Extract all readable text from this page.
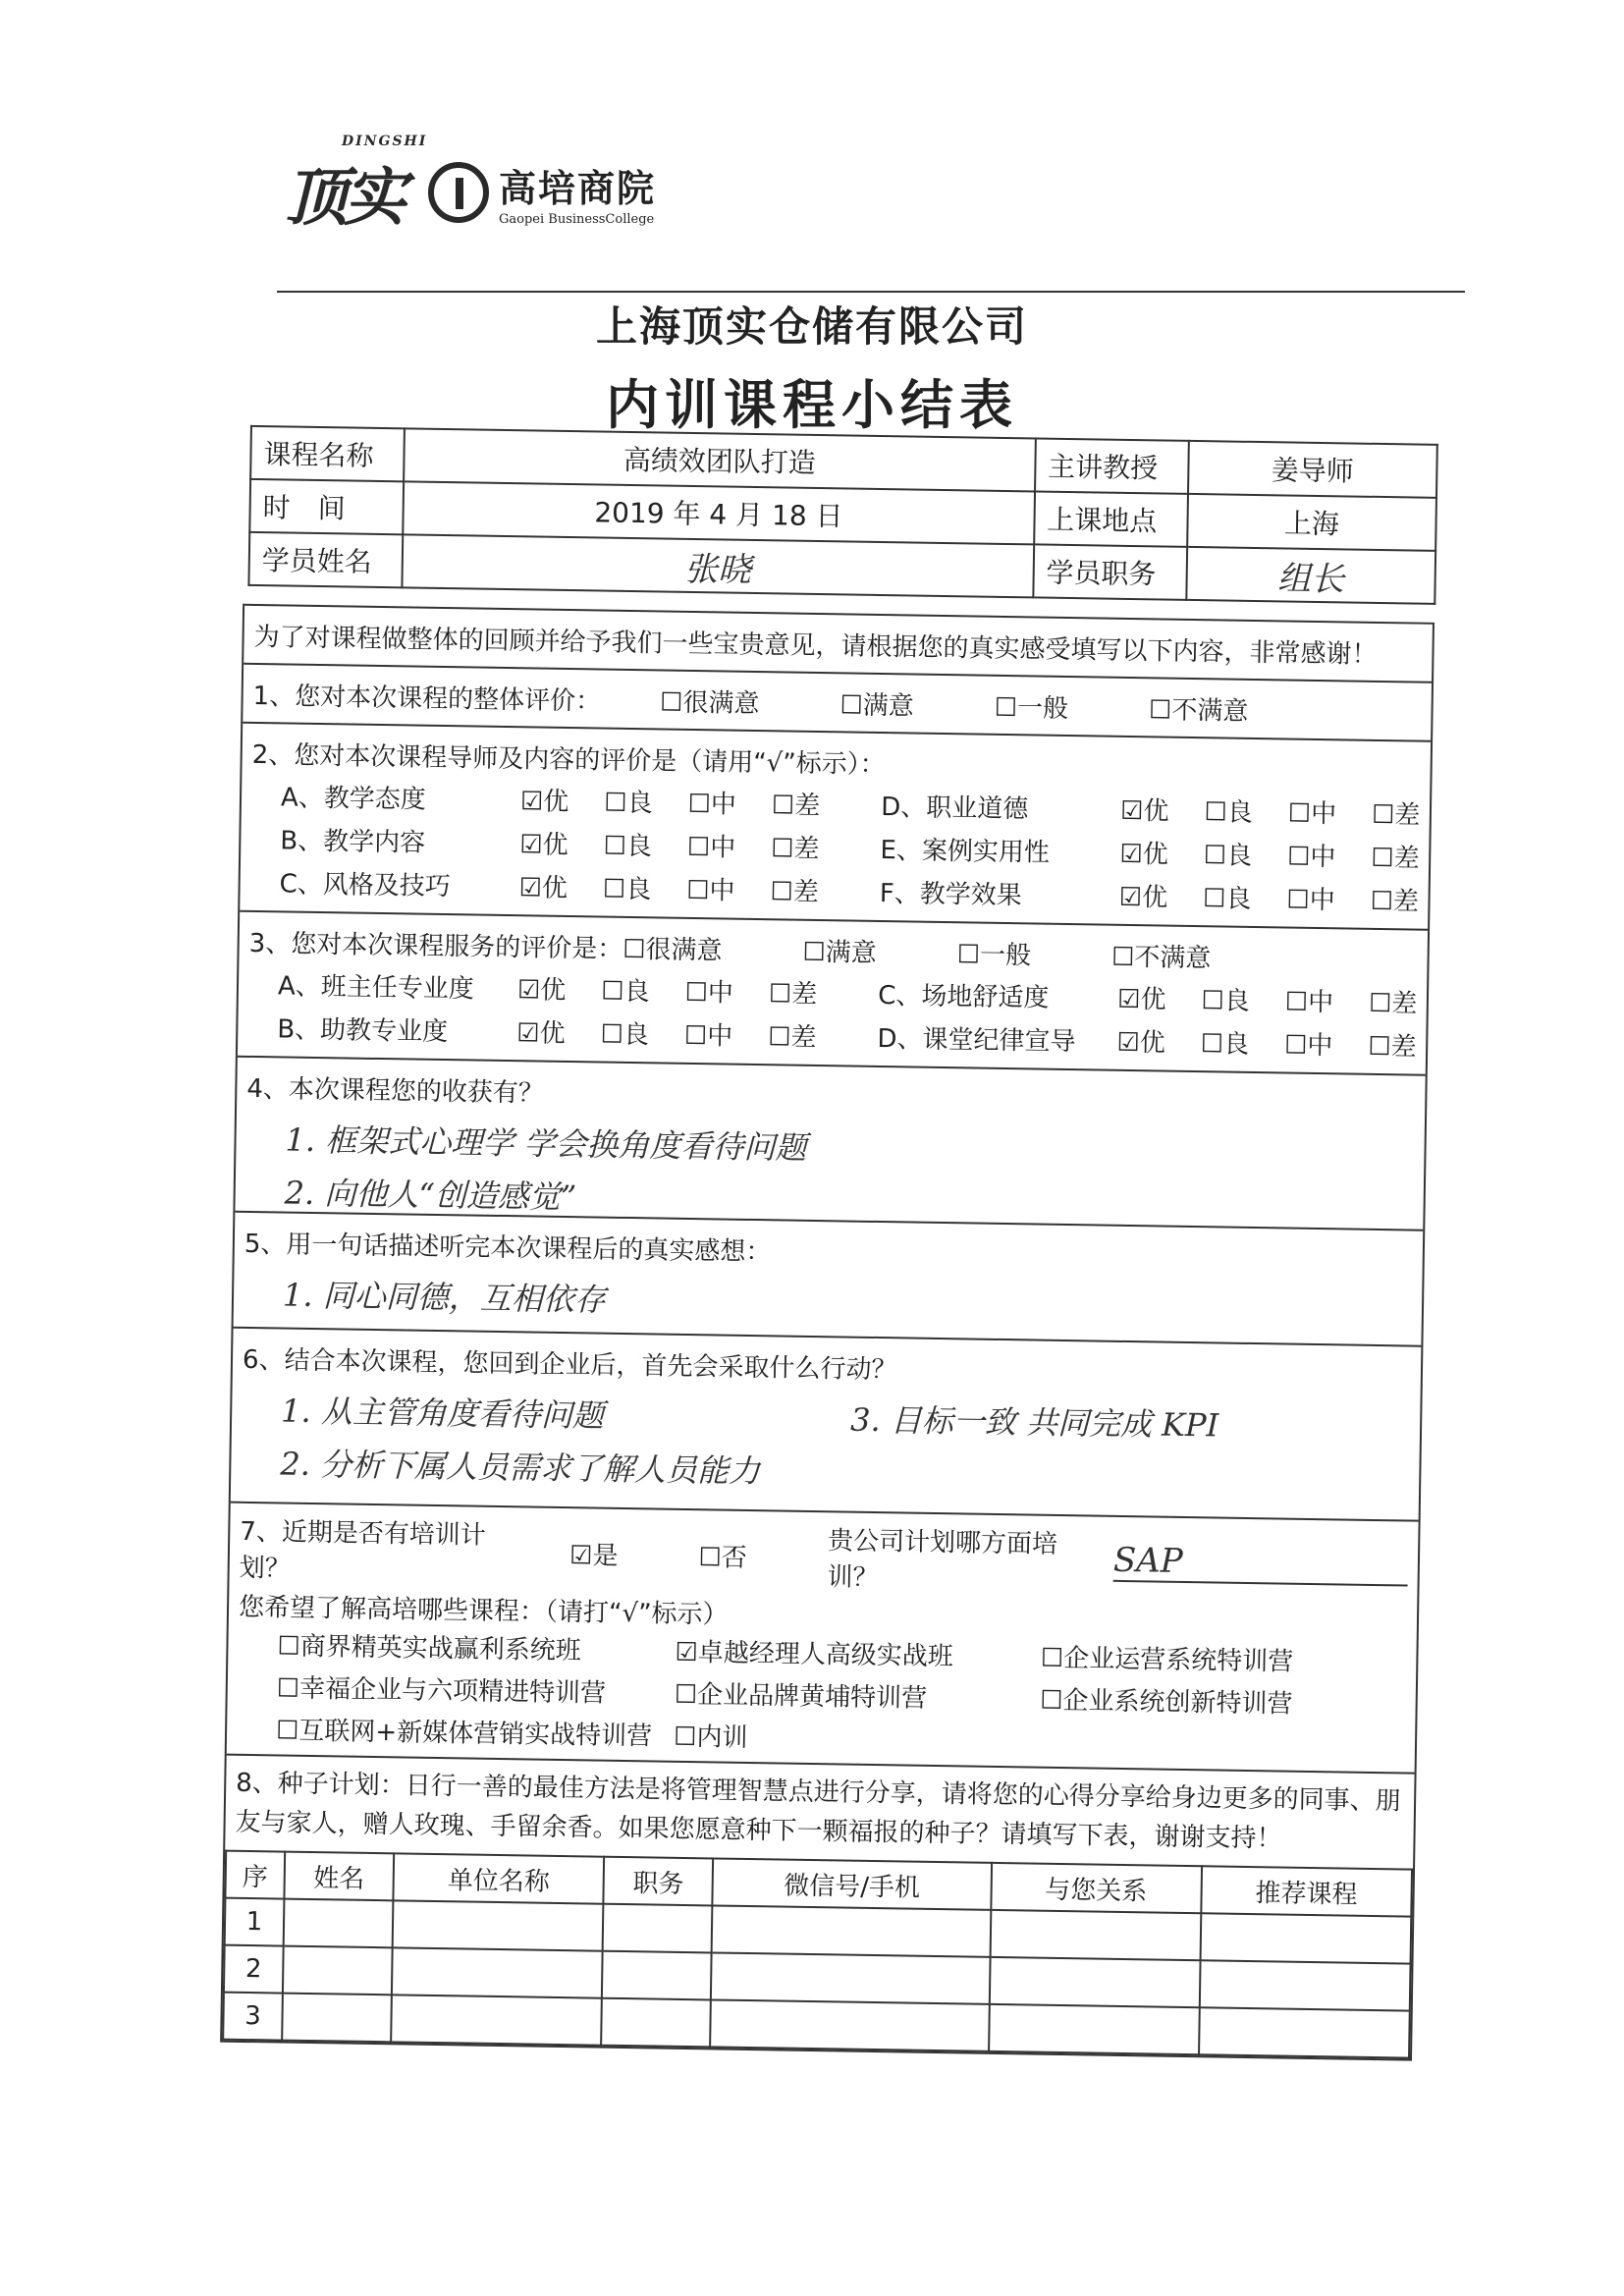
DINGSHI
顶实	高培商院
Gaopei BusinessCollege
上海顶实仓储有限公司
内训课程小结表
课程名称	高绩效团队打造	主讲教授	姜导师
时　间	2019 年 4 月 18 日	上课地点	上海
学员姓名	张晓	学员职务	组长
为了对课程做整体的回顾并给予我们一些宝贵意见，请根据您的真实感受填写以下内容，非常感谢！
1、您对本次课程的整体评价： ☐很满意	☐满意	☐一般	☐不满意
2、您对本次课程导师及内容的评价是（请用“√”标示）：
A、教学态度	☑优 ☐良 ☐中 ☐差 D、职业道德	☑优 ☐良 ☐中 ☐差
B、教学内容	☑优 ☐良 ☐中 ☐差 E、案例实用性	☑优 ☐良 ☐中 ☐差
C、风格及技巧	☑优 ☐良 ☐中 ☐差 F、教学效果	☑优 ☐良 ☐中 ☐差
3、您对本次课程服务的评价是： ☐很满意	☐满意	☐一般	☐不满意
A、班主任专业度	☑优 ☐良 ☐中 ☐差 C、场地舒适度	☑优 ☐良 ☐中 ☐差
B、助教专业度	☑优 ☐良 ☐中 ☐差 D、课堂纪律宣导	☑优 ☐良 ☐中 ☐差
4、本次课程您的收获有？
1. 框架式心理学 学会换角度看待问题
2. 向他人“创造感觉”
5、用一句话描述听完本次课程后的真实感想：
1. 同心同德，互相依存
6、结合本次课程，您回到企业后，首先会采取什么行动？
1. 从主管角度看待问题	3. 目标一致 共同完成 KPI
2. 分析下属人员需求了解人员能力
7、近期是否有培训计划？	☑是	☐否	贵公司计划哪方面培训？	SAP
您希望了解高培哪些课程：（请打“√”标示）
☐商界精英实战赢利系统班	☑卓越经理人高级实战班	☐企业运营系统特训营
☐幸福企业与六项精进特训营	☐企业品牌黄埔特训营	☐企业系统创新特训营
☐互联网+新媒体营销实战特训营 ☐内训
8、种子计划：日行一善的最佳方法是将管理智慧点进行分享，请将您的心得分享给身边更多的同事、朋友与家人，赠人玫瑰、手留余香。如果您愿意种下一颗福报的种子？请填写下表，谢谢支持！
序	姓名	单位名称	职务	微信号/手机	与您关系	推荐课程
1						
2						
3						
